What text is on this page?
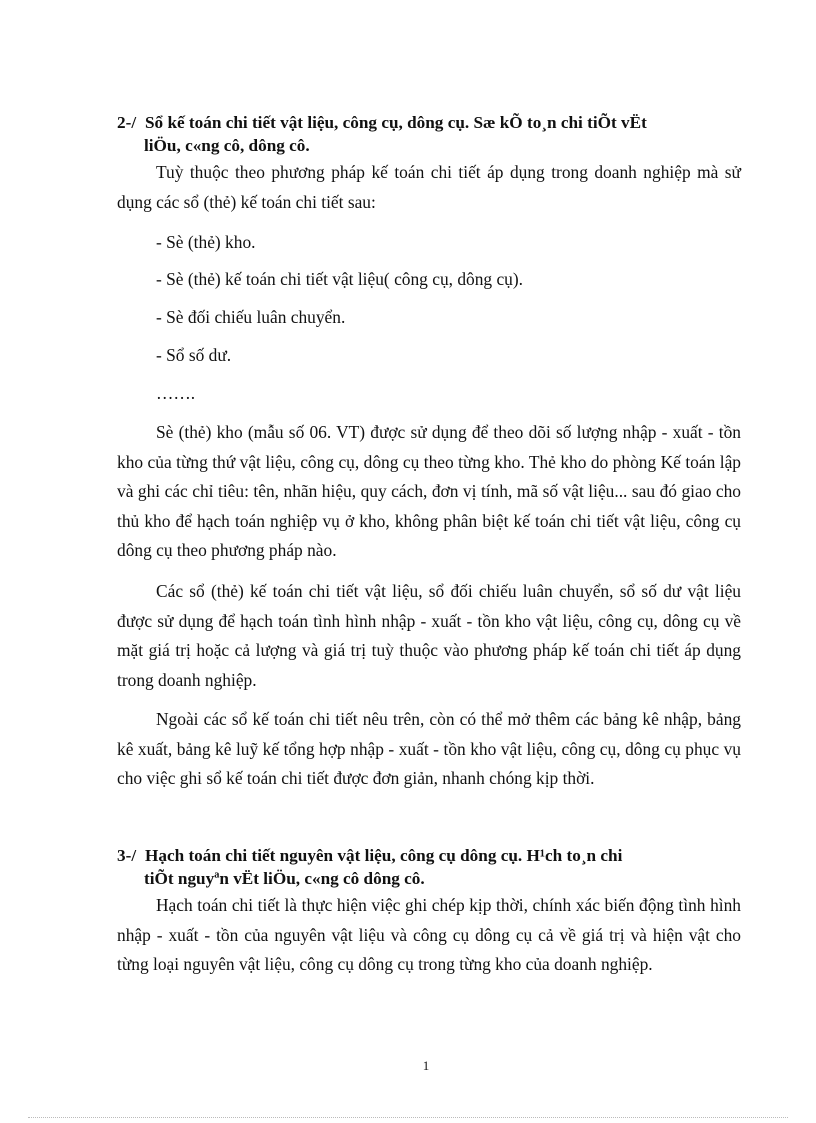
2-/ Sổ kế toán chi tiết vật liệu, công cụ, dông cụ. Sæ kÕ to¸n chi tiÕt vËt
liÖu, c«ng cô, dông cô.

Tuỳ thuộc theo phương pháp kế toán chi tiết áp dụng trong doanh nghiệp mà sử dụng các sổ (thẻ) kế toán chi tiết sau:

- Sè (thẻ) kho.

- Sè (thẻ) kế toán chi tiết vật liệu( công cụ, dông cụ).

- Sè đối chiếu luân chuyển.

- Sổ số dư.

…….

Sè (thẻ) kho (mẫu số 06. VT) được sử dụng để theo dõi số lượng nhập - xuất - tồn kho của từng thứ vật liệu, công cụ, dông cụ theo từng kho. Thẻ kho do phòng Kế toán lập và ghi các chỉ tiêu: tên, nhãn hiệu, quy cách, đơn vị tính, mã số vật liệu... sau đó giao cho thủ kho để hạch toán nghiệp vụ ở kho, không phân biệt kế toán chi tiết vật liệu, công cụ dông cụ theo phương pháp nào.

Các sổ (thẻ) kế toán chi tiết vật liệu, sổ đối chiếu luân chuyển, sổ số dư vật liệu được sử dụng để hạch toán tình hình nhập - xuất - tồn kho vật liệu, công cụ, dông cụ về mặt giá trị hoặc cả lượng và giá trị tuỳ thuộc vào phương pháp kế toán chi tiết áp dụng trong doanh nghiệp.

Ngoài các sổ kế toán chi tiết nêu trên, còn có thể mở thêm các bảng kê nhập, bảng kê xuất, bảng kê luỹ kế tổng hợp nhập - xuất - tồn kho vật liệu, công cụ, dông cụ phục vụ cho việc ghi sổ kế toán chi tiết được đơn giản, nhanh chóng kịp thời.

3-/ Hạch toán chi tiết nguyên vật liệu, công cụ dông cụ. H¹ch to¸n chi
tiÕt nguyªn vËt liÖu, c«ng cô dông cô.

Hạch toán chi tiết là thực hiện việc ghi chép kịp thời, chính xác biến động tình hình nhập - xuất - tồn của nguyên vật liệu và công cụ dông cụ cả về giá trị và hiện vật cho từng loại nguyên vật liệu, công cụ dông cụ trong từng kho của doanh nghiệp.

1
